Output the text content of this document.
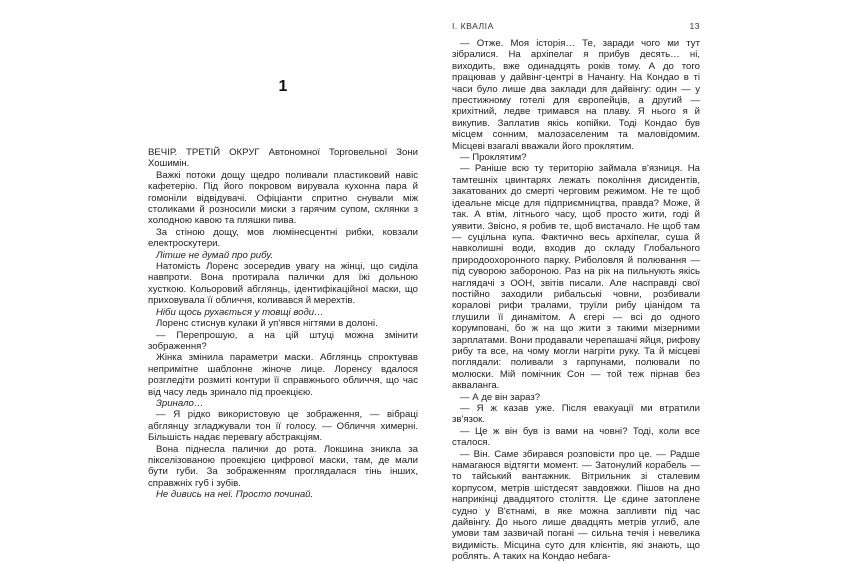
1

ВЕЧІР. ТРЕТІЙ ОКРУГ Автономної Торговельної Зони Хошимін.

Важкі потоки дощу щедро поливали пластиковий навіс кафетерію. Під його покровом вирувала кухонна пара й гомоніли відвідувачі. Офіціанти спритно снували між столиками й розносили миски з гарячим супом, склянки з холодною кавою та пляшки пива.

За стіною дощу, мов люмінесцентні рибки, ковзали електроскутери.

Літше не думай про рибу.

Натомість Лоренс зосередив увагу на жінці, що сиділа навпроти. Вона протирала палички для їжі дольною хусткою. Кольоровий абглянць, ідентифікаційної маски, що приховувала її обличчя, коливався й мерехтів.

Ніби щось рухається у товщі води…

Лоренс стиснув кулаки й уп'явся нігтями в долоні.

— Перепрошую, а на цій штуці можна змінити зображення?

Жінка змінила параметри маски. Абглянць спроктував непримітне шаблонне жіноче лице. Лоренсу вдалося розгледіти розмиті контури її справжнього обличчя, що час від часу ледь зринало під проекцією.

Зринало…

— Я рідко використовую це зображення, — вібраці абглянцу згладжували тон її голосу. — Обличчя химерні. Більшість надає перевагу абстракціям.

Вона піднесла палички до рота. Локшина зникла за пікселізованою проекцією цифрової маски, там, де мали бути губи. За зображенням проглядалася тінь інших, справжніх губ і зубів.

Не дивись на неї. Просто починай.

I. КВАЛІА	13

— Отже. Моя історія… Те, заради чого ми тут зібралися. На архіпелаг я прибув десять… ні, виходить, вже одинадцять років тому. А до того працював у дайвінг-центрі в Начангу. На Кондао в ті часи було лише два заклади для дайвінгу: один — у престижному готелі для європейців, а другий — крихітний, ледве тримався на плаву. Я нього я й викупив. Заплатив якісь копійки. Тоді Кондао був місцем сонним, малозаселеним та маловідомим. Місцеві взагалі вважали його проклятим.

— Проклятим?

— Раніше всю ту територію займала в'язниця. На тамтешніх цвинтарях лежать покоління дисидентів, закатованих до смерті черговим режимом. Не те щоб ідеальне місце для підприємництва, правда? Може, й так. А втім, літнього часу, щоб просто жити, годі й уявити. Звісно, я робив те, щоб вистачало. Не щоб там — суцільна купа. Фактично весь архіпелаг, суша й навколишні води, входив до складу Глобального природоохоронного парку. Риболовля й полювання — під суворою забороною. Раз на рік на пильнують якісь наглядачі з ООН, звітів писали. Але насправді свої постійно заходили рибальські човни, розбивали коралові рифи тралами, труїли рибу ціанідом та глушили її динамітом. А єгері — всі до одного корумповані, бо ж на що жити з такими мізерними зарплатами. Вони продавали черепашачі яйця, рифову рибу та все, на чому могли нагріти руку. Та й місцеві поглядали: поливали з гарпунами, полювали по молюски. Мій помічник Сон — той теж пірнав без акваланга.

— А де він зараз?

— Я ж казав уже. Після евакуації ми втратили зв'язок.

— Це ж він був із вами на човні? Тоді, коли все сталося.

— Він. Саме збирався розповісти про це. — Радше намагаюся відтягти момент. — Затонулий корабель — то тайський вантажник. Вітрильник зі сталевим корпусом, метрів шістдесят завдовжки. Пішов на дно наприкінці двадцятого століття. Це єдине затоплене судно у В'єтнамі, в яке можна запливти під час дайвінгу. До нього лише двадцять метрів углиб, але умови там зазвичай погані — сильна течія і невелика видимість. Місцина суто для клієнтів, які знають, що роблять. А таких на Кондао небага-
